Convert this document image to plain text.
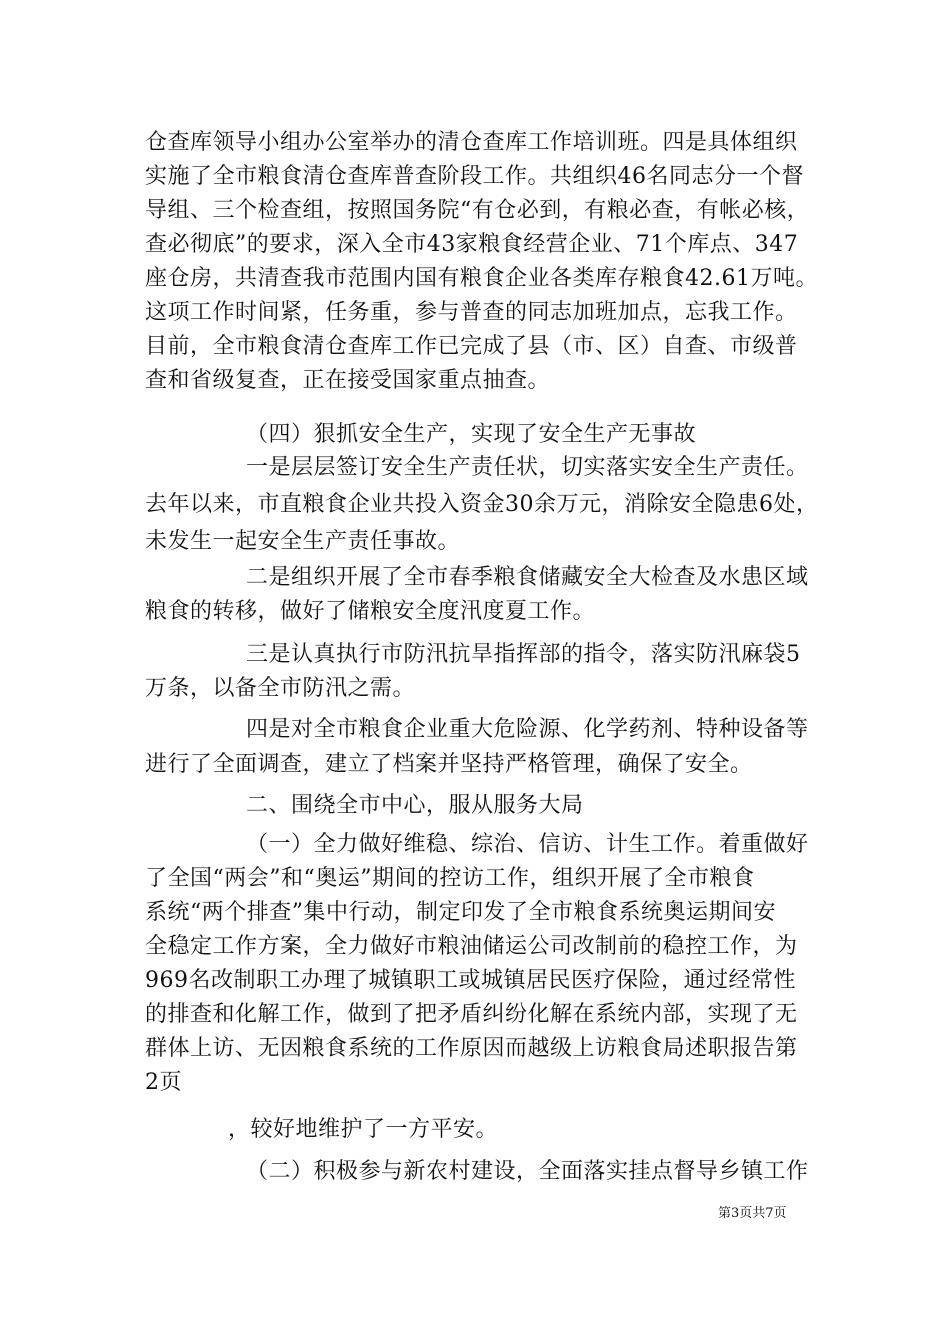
仓查库领导小组办公室举办的清仓查库工作培训班。四是具体组织
实施了全市粮食清仓查库普查阶段工作。共组织46名同志分一个督
导组、三个检查组，按照国务院“有仓必到，有粮必查，有帐必核，
查必彻底”的要求，深入全市43家粮食经营企业、71个库点、347
座仓房，共清查我市范围内国有粮食企业各类库存粮食42.61万吨。
这项工作时间紧，任务重，参与普查的同志加班加点，忘我工作。
目前，全市粮食清仓查库工作已完成了县（市、区）自查、市级普
查和省级复查，正在接受国家重点抽查。
（四）狠抓安全生产，实现了安全生产无事故
一是层层签订安全生产责任状，切实落实安全生产责任。
去年以来，市直粮食企业共投入资金30余万元，消除安全隐患6处，
未发生一起安全生产责任事故。
二是组织开展了全市春季粮食储藏安全大检查及水患区域
粮食的转移，做好了储粮安全度汛度夏工作。
三是认真执行市防汛抗旱指挥部的指令，落实防汛麻袋5
万条，以备全市防汛之需。
四是对全市粮食企业重大危险源、化学药剂、特种设备等
进行了全面调查，建立了档案并坚持严格管理，确保了安全。
二、围绕全市中心，服从服务大局
（一）全力做好维稳、综治、信访、计生工作。着重做好
了全国“两会”和“奥运”期间的控访工作，组织开展了全市粮食
系统“两个排查”集中行动，制定印发了全市粮食系统奥运期间安
全稳定工作方案，全力做好市粮油储运公司改制前的稳控工作，为
969名改制职工办理了城镇职工或城镇居民医疗保险，通过经常性
的排查和化解工作，做到了把矛盾纠纷化解在系统内部，实现了无
群体上访、无因粮食系统的工作原因而越级上访粮食局述职报告第
2页
，较好地维护了一方平安。
（二）积极参与新农村建设，全面落实挂点督导乡镇工作
第3页共7页
